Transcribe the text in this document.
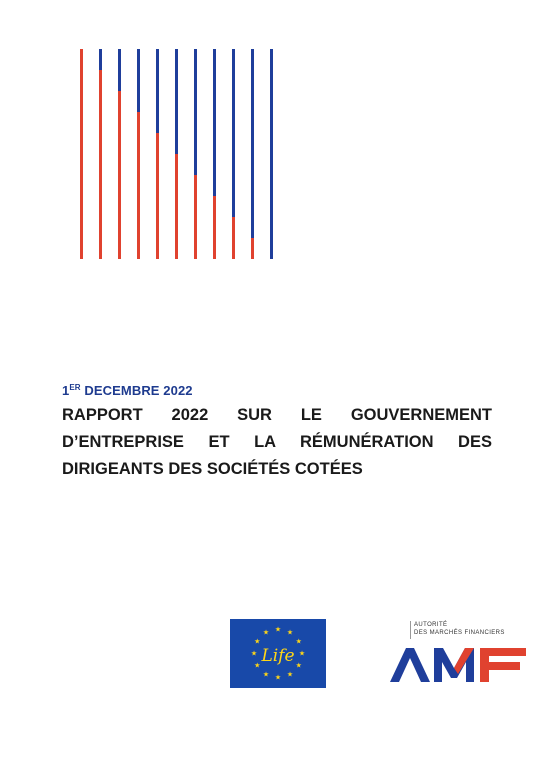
1ER DECEMBRE 2022
RAPPORT 2022 SUR LE GOUVERNEMENT D’ENTREPRISE ET LA RÉMUNÉRATION DES DIRIGEANTS DES SOCIÉTÉS COTÉES
★ ★
★
★
★
★
★
★
★
★
★
★
Life
AUTORITÉ
DES MARCHÉS FINANCIERS
